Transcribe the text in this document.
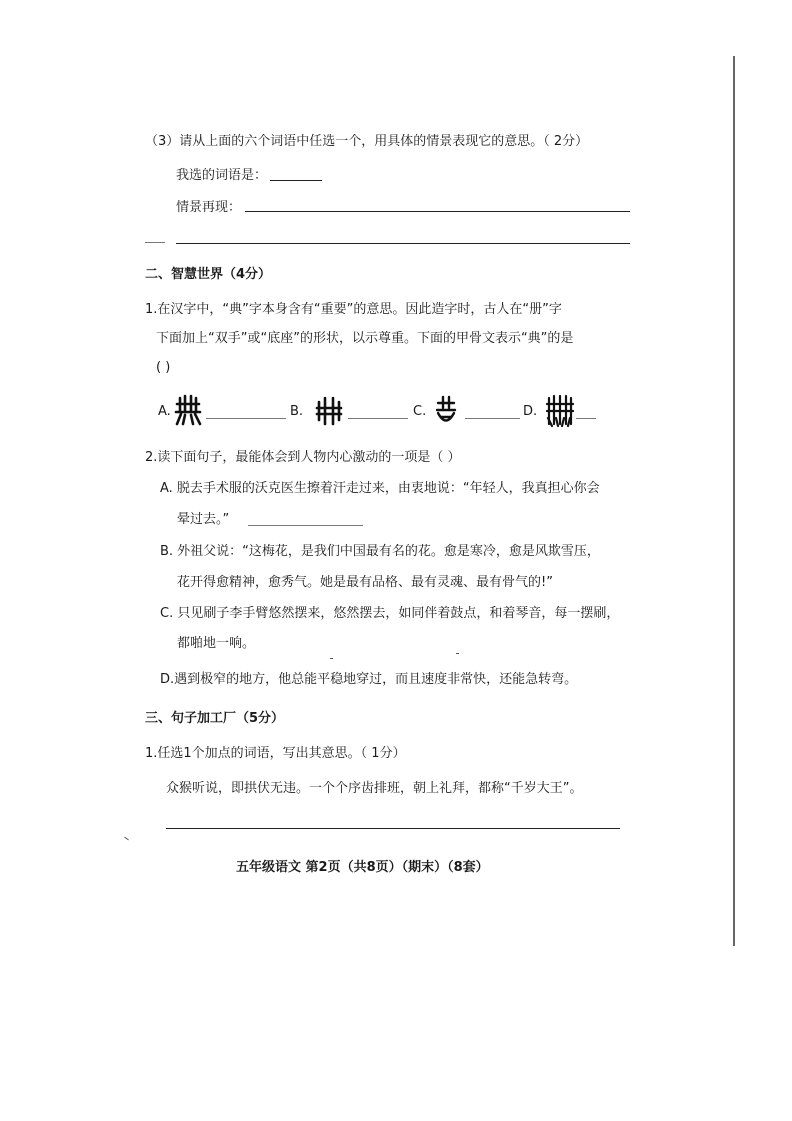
（3）请从上面的六个词语中任选一个，用具体的情景表现它的意思。（ 2分）
我选的词语是：
情景再现：
二、智慧世界（4分）
1.在汉字中，“典”字本身含有“重要”的意思。因此造字时，古人在“册”字
下面加上“双手”或“底座”的形状，以示尊重。下面的甲骨文表示“典”的是
( )
A.	B.	C.	D.
2.读下面句子，最能体会到人物内心激动的一项是（ ）
A. 脱去手术服的沃克医生擦着汗走过来，由衷地说：“年轻人，我真担心你会
晕过去。”
B. 外祖父说：“这梅花，是我们中国最有名的花。愈是寒冷，愈是风欺雪压，
花开得愈精神，愈秀气。她是最有品格、最有灵魂、最有骨气的!”
C. 只见刷子李手臂悠然摆来，悠然摆去，如同伴着鼓点，和着琴音，每一摆刷，
都啪地一响。
D.遇到极窄的地方，他总能平稳地穿过，而且速度非常快，还能急转弯。
三、句子加工厂（5分）
1.任选1个加点的词语，写出其意思。（ 1分）
众猴听说，即拱伏无违。一个个序齿排班，朝上礼拜，都称“千岁大王”。
五年级语文 第2页（共8页）（期末）（8套）
